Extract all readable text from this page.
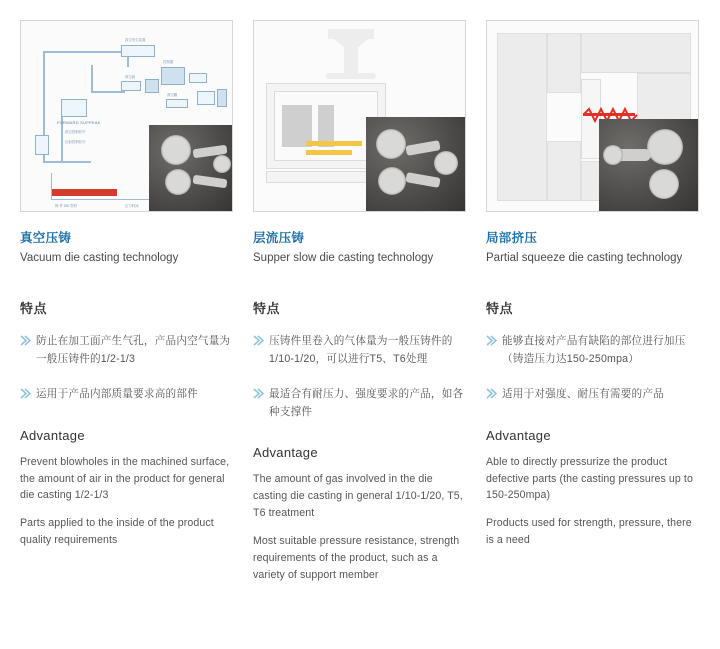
真空发生装置
控制器
真空阀
真空罐
FORWARD SUPPEAK
真空控制信号
压射控制信号
铸 件 250 型材	压力时间
真空压铸
Vacuum die casting technology
特点
防止在加工面产生气孔，产品内空气量为一般压铸件的1/2-1/3
运用于产品内部质量要求高的部件
Advantage
Prevent blowholes in the machined surface, the amount of air in the product for general die casting 1/2-1/3
Parts applied to the inside of the product quality requirements
层流压铸
Supper slow die casting technology
特点
压铸件里卷入的气体量为一般压铸件的1/10-1/20，可以进行T5、T6处理
最适合有耐压力、强度要求的产品，如各种支撑件
Advantage
The amount of gas involved in the die casting die casting in general 1/10-1/20, T5, T6 treatment
Most suitable pressure resistance, strength requirements of the product, such as a variety of support member
局部挤压
Partial squeeze die casting technology
特点
能够直接对产品有缺陷的部位进行加压（铸造压力达150-250mpa）
适用于对强度、耐压有需要的产品
Advantage
Able to directly pressurize the product defective parts (the casting pressures up to 150-250mpa)
Products used for strength, pressure, there is a need
